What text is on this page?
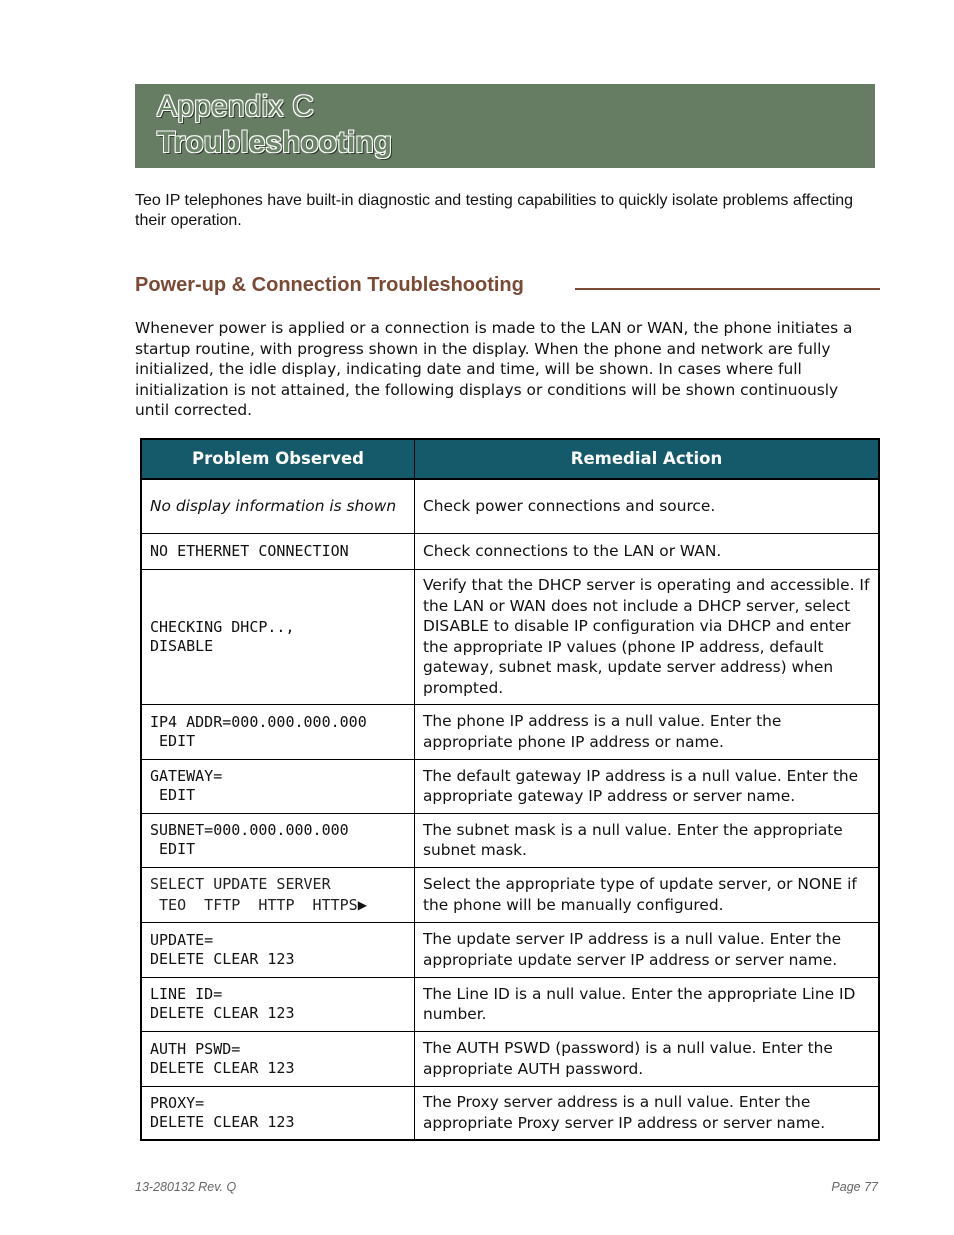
Appendix C
Troubleshooting
Teo IP telephones have built-in diagnostic and testing capabilities to quickly isolate problems affecting their operation.
Power-up & Connection Troubleshooting
Whenever power is applied or a connection is made to the LAN or WAN, the phone initiates a startup routine, with progress shown in the display. When the phone and network are fully initialized, the idle display, indicating date and time, will be shown. In cases where full initialization is not attained, the following displays or conditions will be shown continuously until corrected.
Problem Observed	Remedial Action
No display information is shown	Check power connections and source.
NO ETHERNET CONNECTION	Check connections to the LAN or WAN.
CHECKING DHCP..,
DISABLE	Verify that the DHCP server is operating and accessible. If the LAN or WAN does not include a DHCP server, select DISABLE to disable IP configuration via DHCP and enter the appropriate IP values (phone IP address, default gateway, subnet mask, update server address) when prompted.
IP4 ADDR=000.000.000.000
EDIT	The phone IP address is a null value. Enter the appropriate phone IP address or name.
GATEWAY=
EDIT	The default gateway IP address is a null value. Enter the appropriate gateway IP address or server name.
SUBNET=000.000.000.000
EDIT	The subnet mask is a null value. Enter the appropriate subnet mask.
SELECT UPDATE SERVER
TEO  TFTP  HTTP  HTTPS▶	Select the appropriate type of update server, or NONE if the phone will be manually configured.
UPDATE=
DELETE CLEAR 123	The update server IP address is a null value. Enter the appropriate update server IP address or server name.
LINE ID=
DELETE CLEAR 123	The Line ID is a null value. Enter the appropriate Line ID number.
AUTH PSWD=
DELETE CLEAR 123	The AUTH PSWD (password) is a null value. Enter the appropriate AUTH password.
PROXY=
DELETE CLEAR 123	The Proxy server address is a null value. Enter the appropriate Proxy server IP address or server name.
13-280132 Rev. Q	Page 77
